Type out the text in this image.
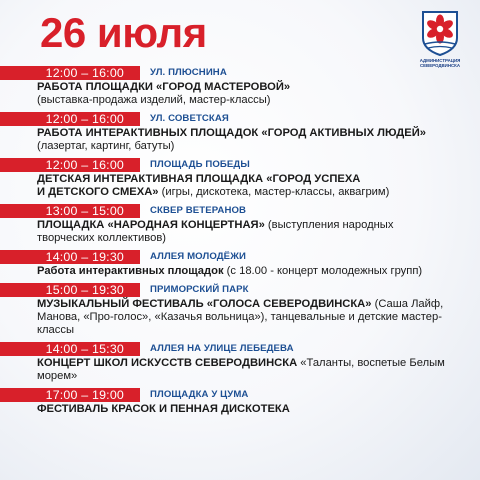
26 июля
АДМИНИСТРАЦИЯ
СЕВЕРОДВИНСКА
12:00 – 16:00	УЛ. ПЛЮСНИНА
РАБОТА ПЛОЩАДКИ «ГОРОД МАСТЕРОВОЙ»
(выставка-продажа изделий, мастер-классы)
12:00 – 16:00	УЛ. СОВЕТСКАЯ
РАБОТА ИНТЕРАКТИВНЫХ ПЛОЩАДОК «ГОРОД АКТИВНЫХ ЛЮДЕЙ»
(лазертаг, картинг, батуты)
12:00 – 16:00	ПЛОЩАДЬ ПОБЕДЫ
ДЕТСКАЯ ИНТЕРАКТИВНАЯ ПЛОЩАДКА «ГОРОД УСПЕХА
И ДЕТСКОГО СМЕХА» (игры, дискотека, мастер-классы, аквагрим)
13:00 – 15:00	СКВЕР ВЕТЕРАНОВ
ПЛОЩАДКА «НАРОДНАЯ КОНЦЕРТНАЯ» (выступления народных
творческих коллективов)
14:00 – 19:30	АЛЛЕЯ МОЛОДЁЖИ
Работа интерактивных площадок (с 18.00 - концерт молодежных групп)
15:00 – 19:30	ПРИМОРСКИЙ ПАРК
МУЗЫКАЛЬНЫЙ ФЕСТИВАЛЬ «ГОЛОСА СЕВЕРОДВИНСКА» (Саша Лайф,
Манова, «Про-голос», «Казачья вольница»), танцевальные и детские мастер-классы
14:00 – 15:30	АЛЛЕЯ НА УЛИЦЕ ЛЕБЕДЕВА
КОНЦЕРТ ШКОЛ ИСКУССТВ СЕВЕРОДВИНСКА «Таланты, воспетые Белым морем»
17:00 – 19:00	ПЛОЩАДКА У ЦУМА
ФЕСТИВАЛЬ КРАСОК И ПЕННАЯ ДИСКОТЕКА
